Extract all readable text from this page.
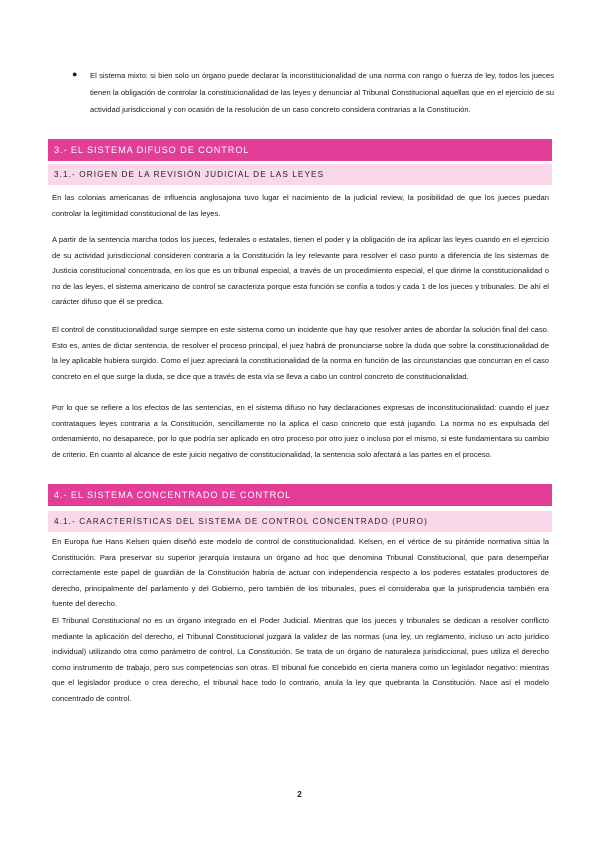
● El sistema mixto: si bien solo un órgano puede declarar la inconstitucionalidad de una norma con rango o fuerza de ley, todos los jueces tienen la obligación de controlar la constitucionalidad de las leyes y denunciar al Tribunal Constitucional aquellas que en el ejercicio de su actividad jurisdiccional y con ocasión de la resolución de un caso concreto considera contrarias a la Constitución.
3.- EL SISTEMA DIFUSO DE CONTROL
3.1.- ORIGEN DE LA REVISIÓN JUDICIAL DE LAS LEYES

En las colonias americanas de influencia anglosajona tuvo lugar el nacimiento de la judicial review, la posibilidad de que los jueces puedan controlar la legitimidad constitucional de las leyes.

A partir de la sentencia marcha todos los jueces, federales o estatales, tienen el poder y la obligación de ira aplicar las leyes cuando en el ejercicio de su actividad jurisdiccional consideren contraria a la Constitución la ley relevante para resolver el caso punto a diferencia de los sistemas de Justicia constitucional concentrada, en los que es un tribunal especial, a través de un procedimiento especial, el que dirime la constitucionalidad o no de las leyes, el sistema americano de control se caracteriza porque esta función se confía a todos y cada 1 de los jueces y tribunales. De ahí el carácter difuso que él se predica.

El control de constitucionalidad surge siempre en este sistema como un incidente que hay que resolver antes de abordar la solución final del caso. Esto es, antes de dictar sentencia, de resolver el proceso principal, el juez habrá de pronunciarse sobre la duda que sobre la constitucionalidad de la ley aplicable hubiera surgido. Como el juez apreciará la constitucionalidad de la norma en función de las circunstancias que concurran en el caso concreto en el que surge la duda, se dice que a través de esta vía se lleva a cabo un control concreto de constitucionalidad.

Por lo que se refiere a los efectos de las sentencias, en el sistema difuso no hay declaraciones expresas de inconstitucionalidad: cuando el juez contrataques leyes contraria a la Constitución, sencillamente no la aplica el caso concreto que está jugando. La norma no es expulsada del ordenamiento, no desaparece, por lo que podría ser aplicado en otro proceso por otro juez o incluso por el mismo, si este fundamentara su cambio de criterio. En cuanto al alcance de este juicio negativo de constitucionalidad, la sentencia solo afectará a las partes en el proceso.

4.- EL SISTEMA CONCENTRADO DE CONTROL
4.1.- CARACTERÍSTICAS DEL SISTEMA DE CONTROL CONCENTRADO (PURO)

En Europa fue Hans Kelsen quien diseñó este modelo de control de constitucionalidad. Kelsen, en el vértice de su pirámide normativa sitúa la Constitución. Para preservar su superior jerarquía instaura un órgano ad hoc que denomina Tribunal Constitucional, que para desempeñar correctamente este papel de guardián de la Constitución habría de actuar con independencia respecto a los poderes estatales productores de derecho, principalmente del parlamento y del Gobierno, pero también de los tribunales, pues el consideraba que la jurisprudencia también era fuente del derecho.

El Tribunal Constitucional no es un órgano integrado en el Poder Judicial. Mientras que los jueces y tribunales se dedican a resolver conflicto mediante la aplicación del derecho, el Tribunal Constitucional juzgará la validez de las normas (una ley, un reglamento, incluso un acto jurídico individual) utilizando otra como parámetro de control, La Constitución. Se trata de un órgano de naturaleza jurisdiccional, pues utiliza el derecho como instrumento de trabajo, pero sus competencias son otras. El tribunal fue concebido en cierta manera como un legislador negativo: mientras que el legislador produce o crea derecho, el tribunal hace todo lo contrario, anula la ley que quebranta la Constitución. Nace así el modelo concentrado de control.

2
